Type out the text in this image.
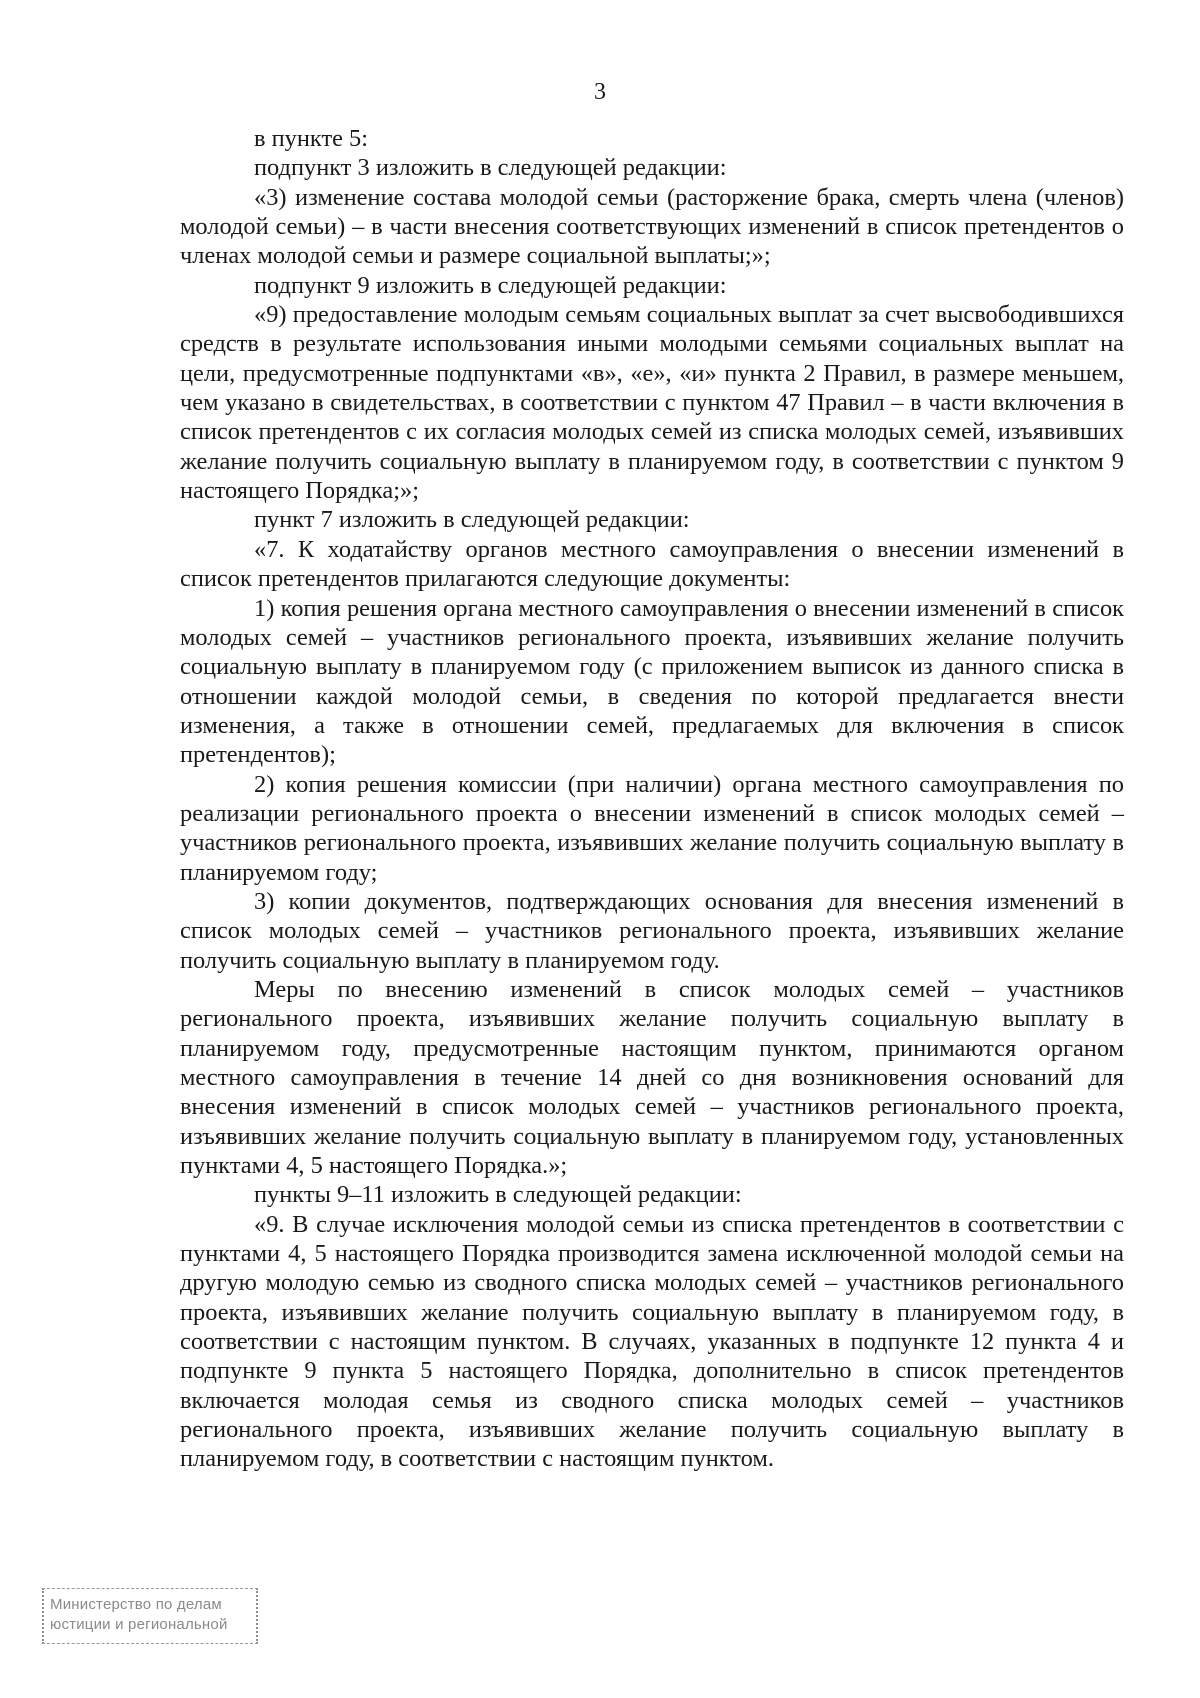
3

в пункте 5:

подпункт 3 изложить в следующей редакции:

«3) изменение состава молодой семьи (расторжение брака, смерть члена (членов) молодой семьи) – в части внесения соответствующих изменений в список претендентов о членах молодой семьи и размере социальной выплаты;»;

подпункт 9 изложить в следующей редакции:

«9) предоставление молодым семьям социальных выплат за счет высвободившихся средств в результате использования иными молодыми семьями социальных выплат на цели, предусмотренные подпунктами «в», «е», «и» пункта 2 Правил, в размере меньшем, чем указано в свидетельствах, в соответствии с пунктом 47 Правил – в части включения в список претендентов с их согласия молодых семей из списка молодых семей, изъявивших желание получить социальную выплату в планируемом году, в соответствии с пунктом 9 настоящего Порядка;»;

пункт 7 изложить в следующей редакции:

«7. К ходатайству органов местного самоуправления о внесении изменений в список претендентов прилагаются следующие документы:

1) копия решения органа местного самоуправления о внесении изменений в список молодых семей – участников регионального проекта, изъявивших желание получить социальную выплату в планируемом году (с приложением выписок из данного списка в отношении каждой молодой семьи, в сведения по которой предлагается внести изменения, а также в отношении семей, предлагаемых для включения в список претендентов);

2) копия решения комиссии (при наличии) органа местного самоуправления по реализации регионального проекта о внесении изменений в список молодых семей – участников регионального проекта, изъявивших желание получить социальную выплату в планируемом году;

3) копии документов, подтверждающих основания для внесения изменений в список молодых семей – участников регионального проекта, изъявивших желание получить социальную выплату в планируемом году.

Меры по внесению изменений в список молодых семей – участников регионального проекта, изъявивших желание получить социальную выплату в планируемом году, предусмотренные настоящим пунктом, принимаются органом местного самоуправления в течение 14 дней со дня возникновения оснований для внесения изменений в список молодых семей – участников регионального проекта, изъявивших желание получить социальную выплату в планируемом году, установленных пунктами 4, 5 настоящего Порядка.»;

пункты 9–11 изложить в следующей редакции:

«9. В случае исключения молодой семьи из списка претендентов в соответствии с пунктами 4, 5 настоящего Порядка производится замена исключенной молодой семьи на другую молодую семью из сводного списка молодых семей – участников регионального проекта, изъявивших желание получить социальную выплату в планируемом году, в соответствии с настоящим пунктом. В случаях, указанных в подпункте 12 пункта 4 и подпункте 9 пункта 5 настоящего Порядка, дополнительно в список претендентов включается молодая семья из сводного списка молодых семей – участников регионального проекта, изъявивших желание получить социальную выплату в планируемом году, в соответствии с настоящим пунктом.

Министерство по делам
юстиции и региональной
